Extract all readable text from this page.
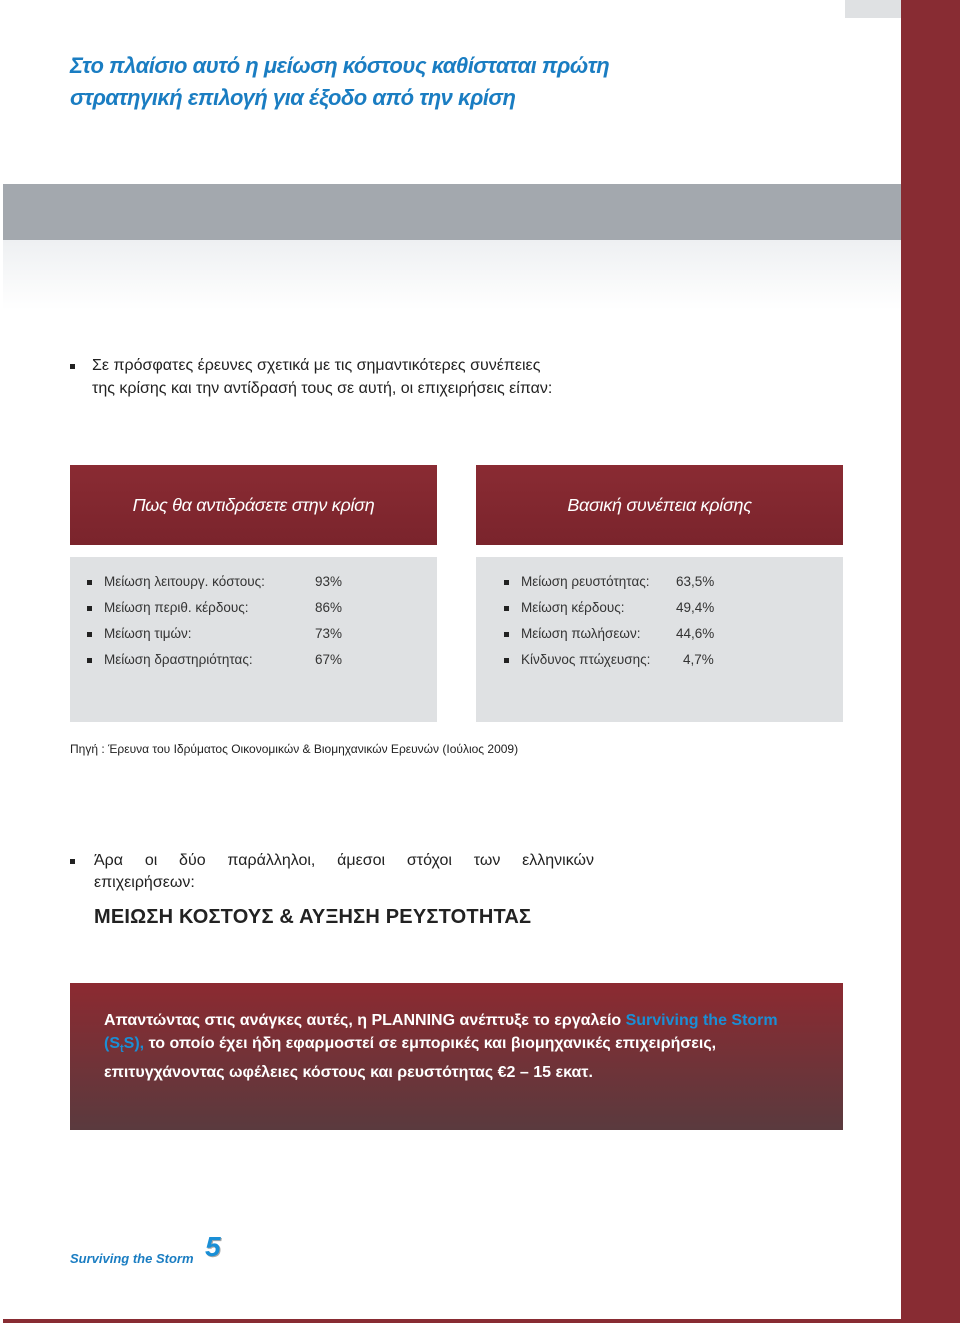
Στο πλαίσιο αυτό η μείωση κόστους καθίσταται πρώτη
στρατηγική επιλογή για έξοδο από την κρίση
Σε πρόσφατες έρευνες σχετικά με τις σημαντικότερες συνέπειες
της κρίσης και την αντίδρασή τους σε αυτή, οι επιχειρήσεις είπαν:
Πως θα αντιδράσετε στην κρίση
Μείωση λειτουργ. κόστους:	93%
Μείωση περιθ. κέρδους:	86%
Μείωση τιμών:	73%
Μείωση δραστηριότητας:	67%
Βασική συνέπεια κρίσης
Μείωση ρευστότητας: 63,5%
Μείωση κέρδους:	49,4%
Μείωση πωλήσεων:	44,6%
Κίνδυνος πτώχευσης: 4,7%
Πηγή : Έρευνα του Ιδρύματος Οικονομικών & Βιομηχανικών Ερευνών (Ιούλιος 2009)
Άρα οι δύο παράλληλοι, άμεσοι στόχοι των ελληνικών
επιχειρήσεων:
ΜΕΙΩΣΗ ΚΟΣΤΟΥΣ & ΑΥΞΗΣΗ ΡΕΥΣΤΟΤΗΤΑΣ
Απαντώντας στις ανάγκες αυτές, η PLANNING ανέπτυξε το εργαλείο Surviving the Storm $(S_tS)$, το οποίο έχει ήδη εφαρμοστεί σε εμπορικές και βιομηχανικές επιχειρήσεις, επιτυγχάνοντας ωφέλειες κόστους και ρευστότητας €2 – 15 εκατ.
Surviving the Storm 5
